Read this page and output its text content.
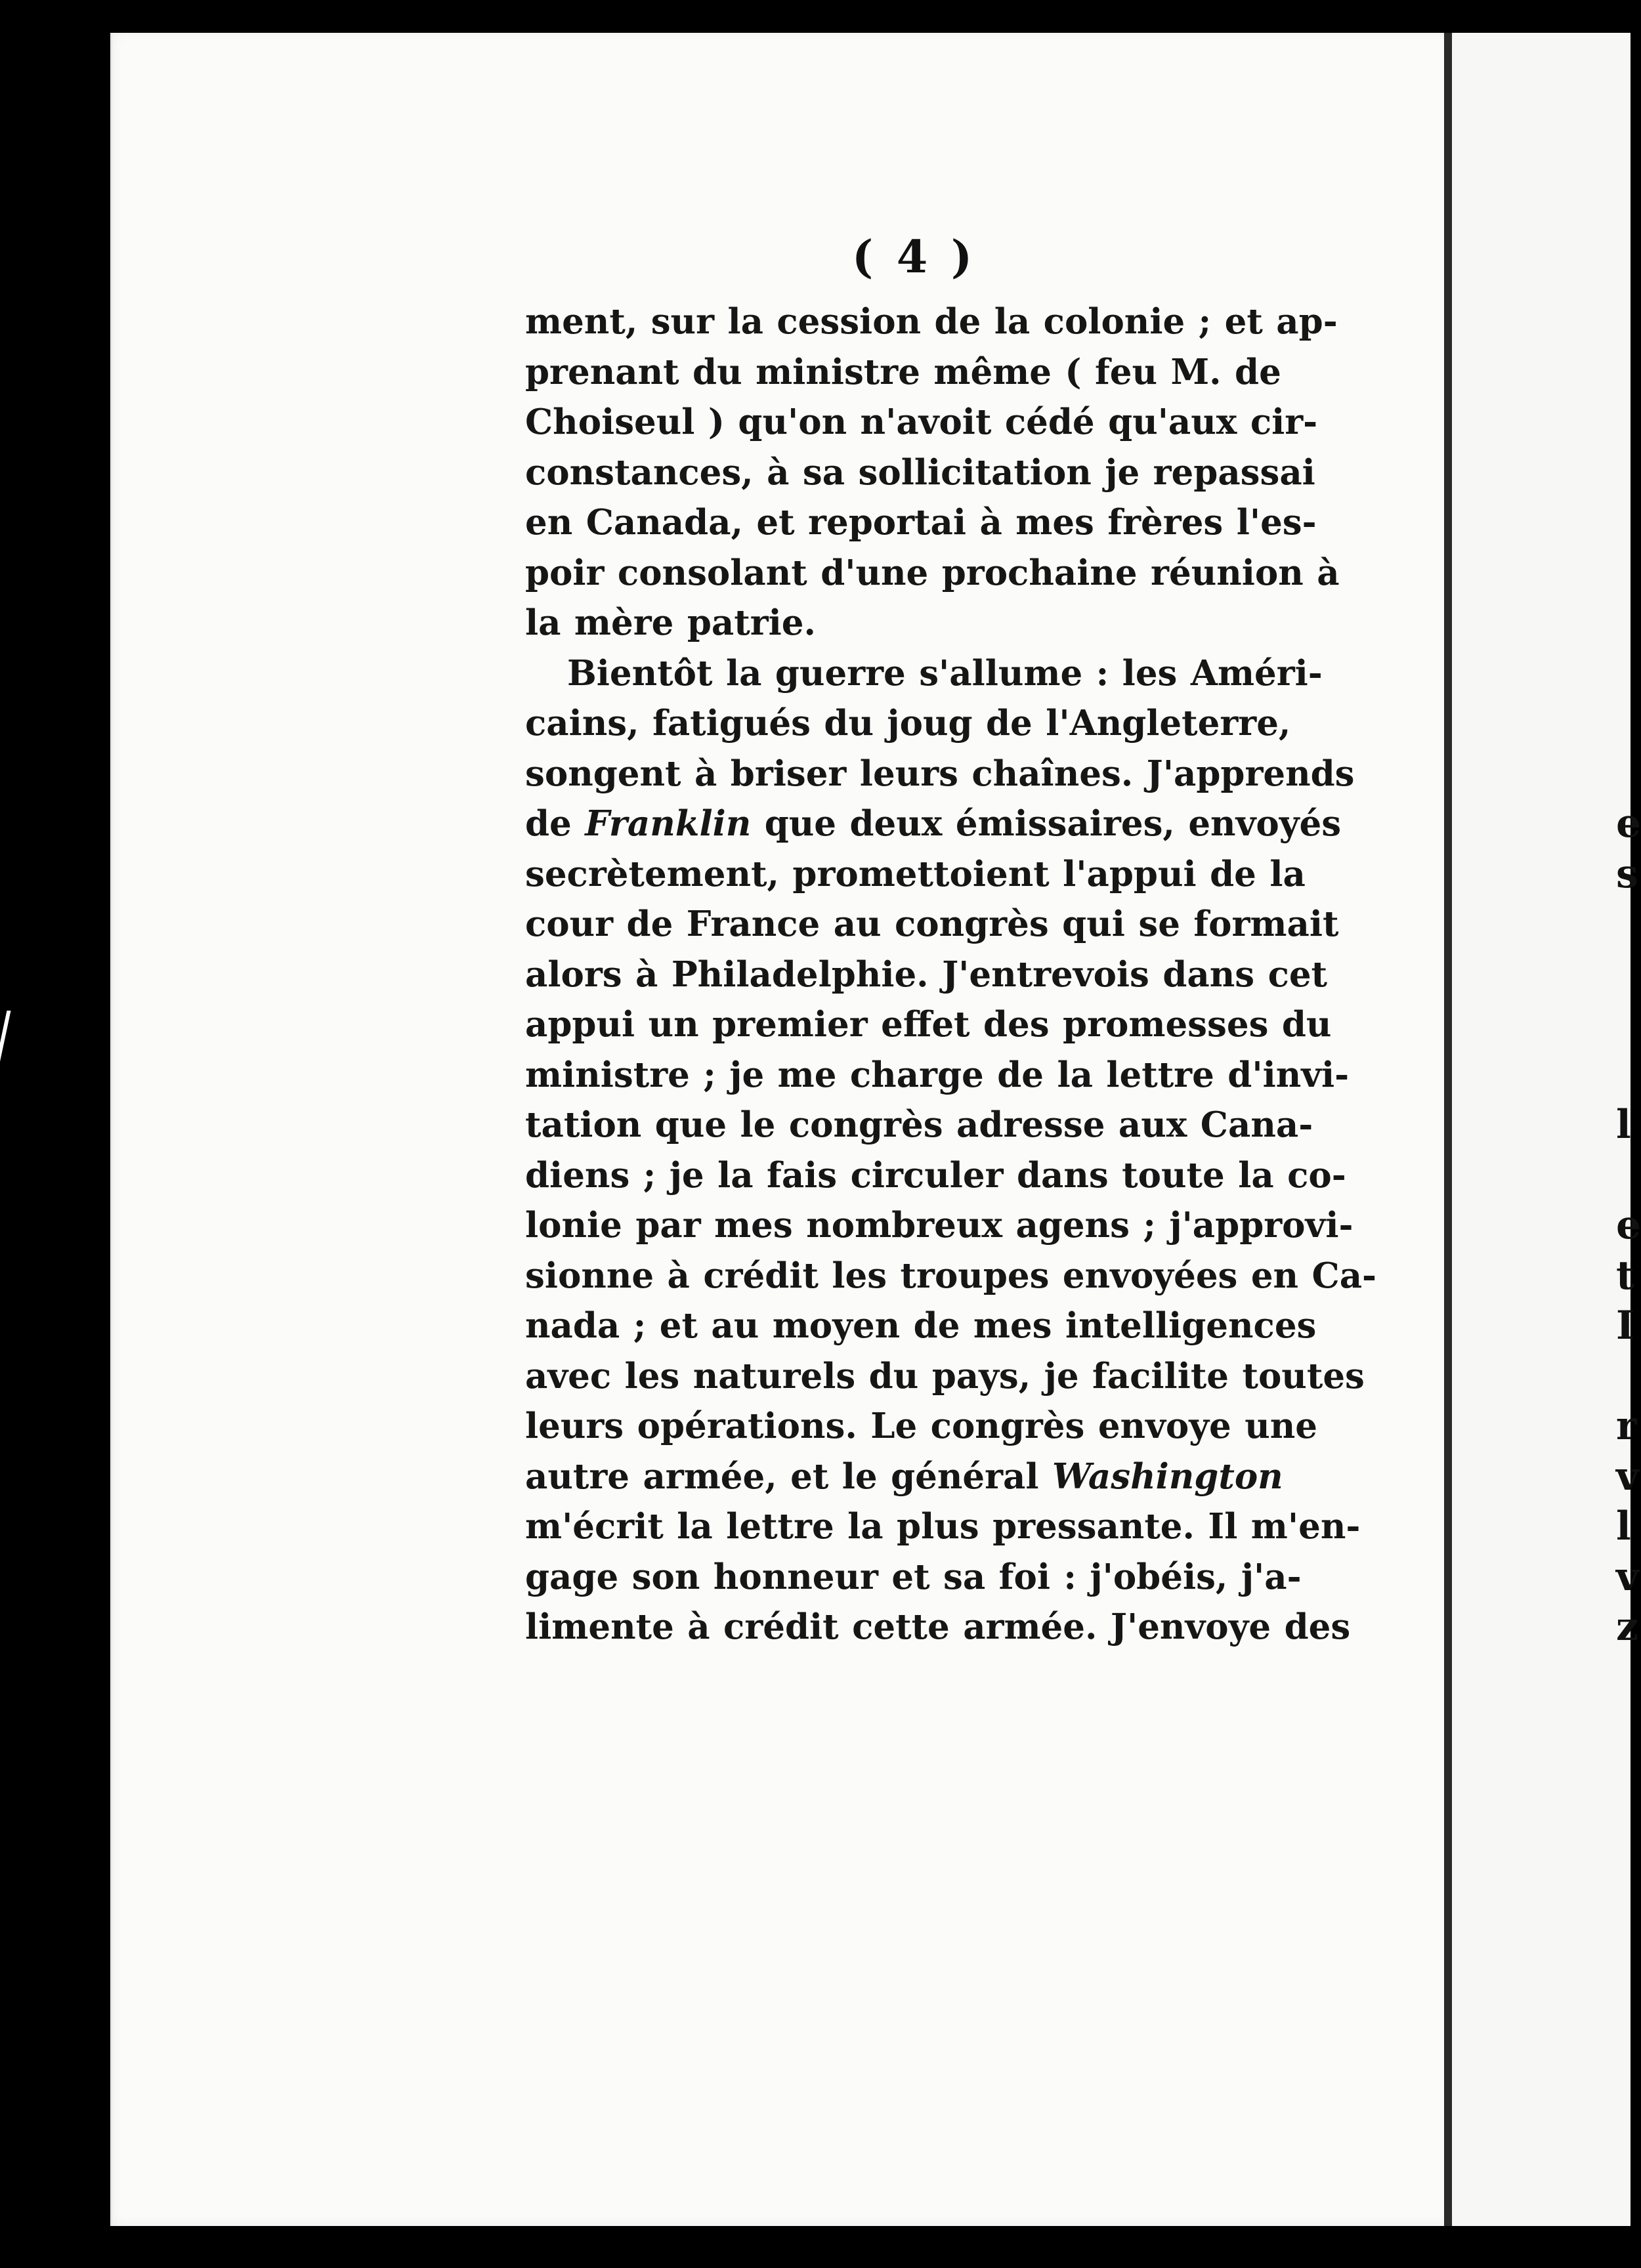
e
s
l
e
t
I
r
v
l
v
z
( 4 )
ment, sur la cession de la colonie ; et ap-
prenant du ministre même ( feu M. de
Choiseul ) qu'on n'avoit cédé qu'aux cir-
constances, à sa sollicitation je repassai
en Canada, et reportai à mes frères l'es-
poir consolant d'une prochaine réunion à
la mère patrie.
Bientôt la guerre s'allume : les Améri-
cains, fatigués du joug de l'Angleterre,
songent à briser leurs chaînes. J'apprends
de Franklin que deux émissaires, envoyés
secrètement, promettoient l'appui de la
cour de France au congrès qui se formait
alors à Philadelphie. J'entrevois dans cet
appui un premier effet des promesses du
ministre ; je me charge de la lettre d'invi-
tation que le congrès adresse aux Cana-
diens ; je la fais circuler dans toute la co-
lonie par mes nombreux agens ; j'approvi-
sionne à crédit les troupes envoyées en Ca-
nada ; et au moyen de mes intelligences
avec les naturels du pays, je facilite toutes
leurs opérations. Le congrès envoye une
autre armée, et le général Washington
m'écrit la lettre la plus pressante. Il m'en-
gage son honneur et sa foi : j'obéis, j'a-
limente à crédit cette armée. J'envoye des
